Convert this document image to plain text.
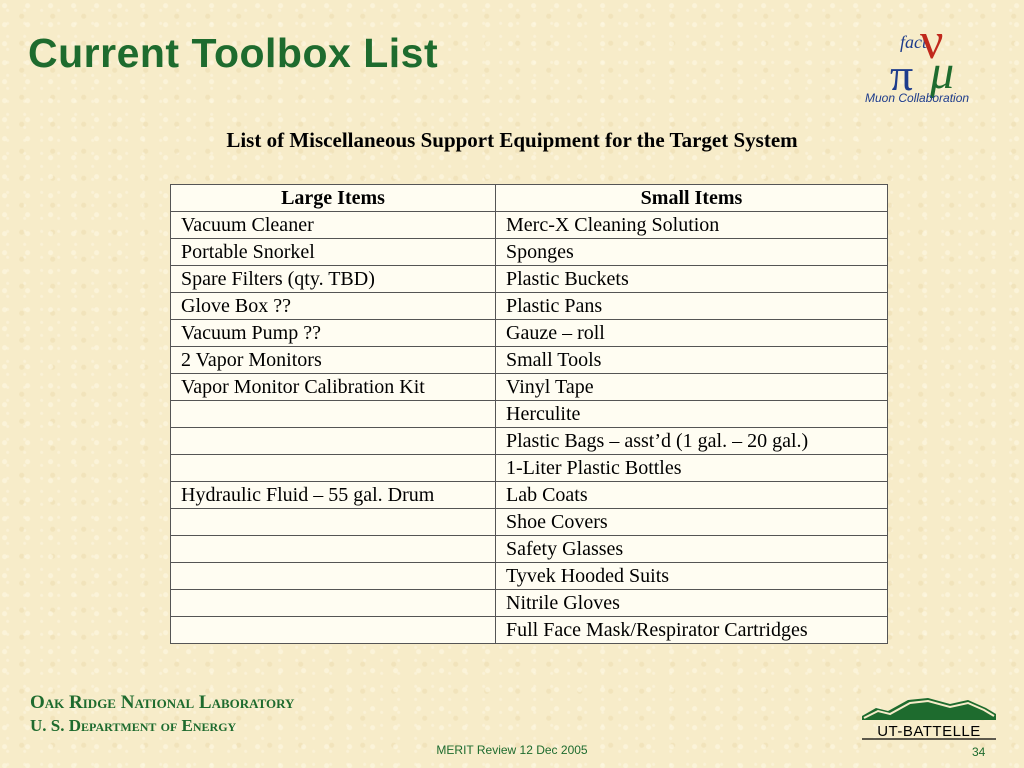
Current Toolbox List	fact
ν
π μ
Muon Collaboration
List of Miscellaneous Support Equipment for the Target System
Large Items	Small Items
Vacuum Cleaner	Merc-X Cleaning Solution
Portable Snorkel	Sponges
Spare Filters (qty. TBD)	Plastic Buckets
Glove Box ??	Plastic Pans
Vacuum Pump ??	Gauze – roll
2 Vapor Monitors	Small Tools
Vapor Monitor Calibration Kit	Vinyl Tape
	Herculite
	Plastic Bags – asst’d (1 gal. – 20 gal.)
	1-Liter Plastic Bottles
Hydraulic Fluid – 55 gal. Drum	Lab Coats
	Shoe Covers
	Safety Glasses
	Tyvek Hooded Suits
	Nitrile Gloves
	Full Face Mask/Respirator Cartridges
Oak Ridge National Laboratory
U. S. Department of Energy
MERIT Review 12 Dec 2005	34
UT-BATTELLE
